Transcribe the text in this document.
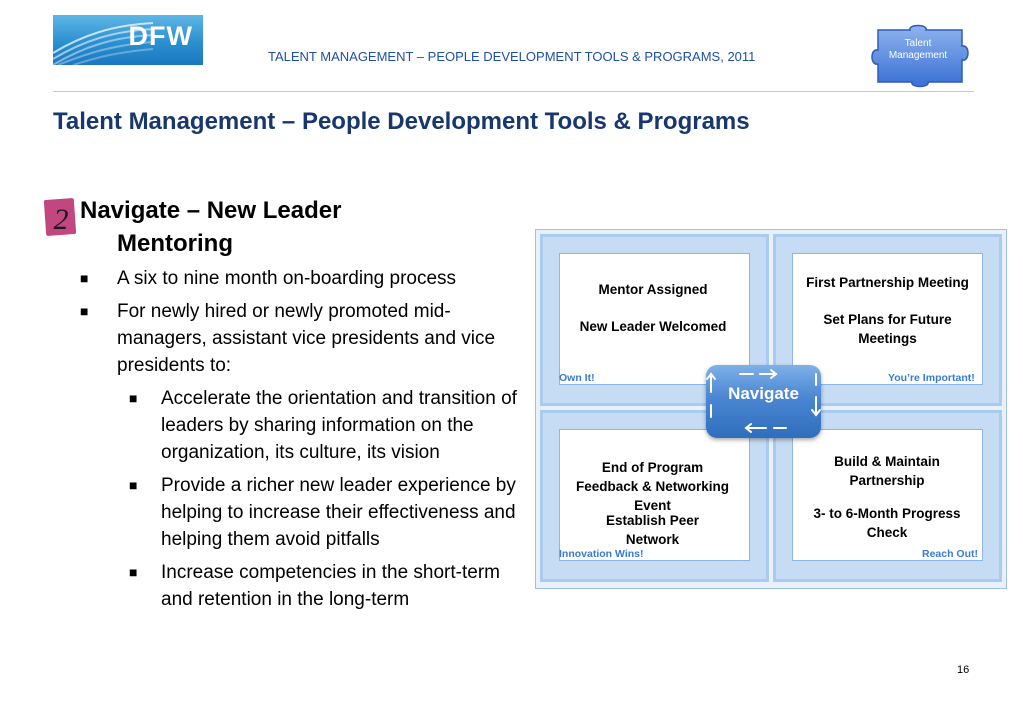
DFW
TALENT MANAGEMENT – PEOPLE DEVELOPMENT TOOLS & PROGRAMS, 2011
Talent
Management
Talent Management – People Development Tools & Programs
2 Navigate – New Leader
Mentoring
■ A six to nine month on-boarding process
■ For newly hired or newly promoted mid-managers, assistant vice presidents and vice presidents to:
■ Accelerate the orientation and transition of leaders by sharing information on the organization, its culture, its vision
■ Provide a richer new leader experience by helping to increase their effectiveness and helping them avoid pitfalls
■ Increase competencies in the short-term and retention in the long-term
Mentor Assigned
New Leader Welcomed
Own It!
First Partnership Meeting
Set Plans for Future Meetings
You’re Important!
End of Program Feedback & Networking Event
Establish Peer Network
Innovation Wins!
Build & Maintain Partnership
3- to 6-Month Progress Check
Reach Out!
Navigate
16
